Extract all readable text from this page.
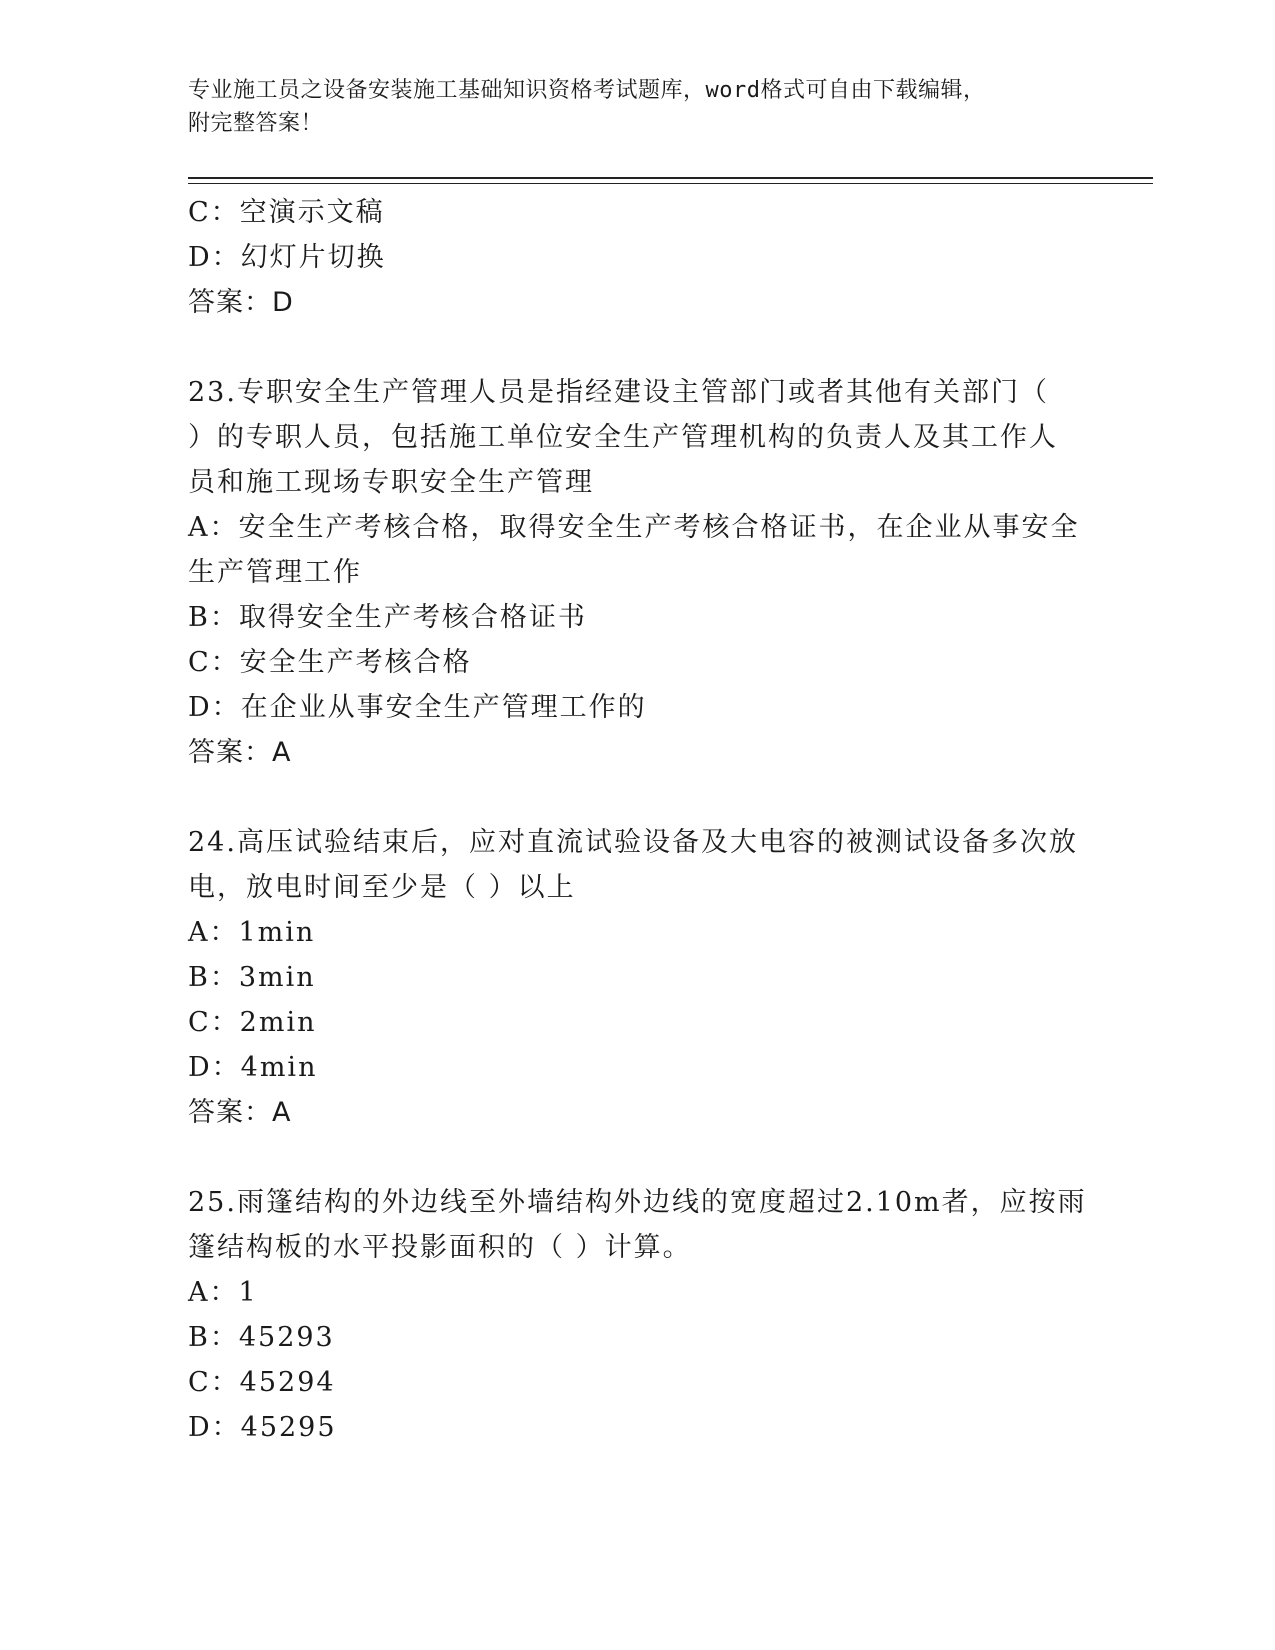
专业施工员之设备安装施工基础知识资格考试题库，word格式可自由下载编辑，
附完整答案！
C：空演示文稿
D：幻灯片切换
答案：D
23.专职安全生产管理人员是指经建设主管部门或者其他有关部门（
）的专职人员，包括施工单位安全生产管理机构的负责人及其工作人
员和施工现场专职安全生产管理
A：安全生产考核合格，取得安全生产考核合格证书，在企业从事安全
生产管理工作
B：取得安全生产考核合格证书
C：安全生产考核合格
D：在企业从事安全生产管理工作的
答案：A
24.高压试验结束后，应对直流试验设备及大电容的被测试设备多次放
电，放电时间至少是（ ）以上
A：1min
B：3min
C：2min
D：4min
答案：A
25.雨篷结构的外边线至外墙结构外边线的宽度超过2.10m者，应按雨
篷结构板的水平投影面积的（ ）计算。
A：1
B：45293
C：45294
D：45295
